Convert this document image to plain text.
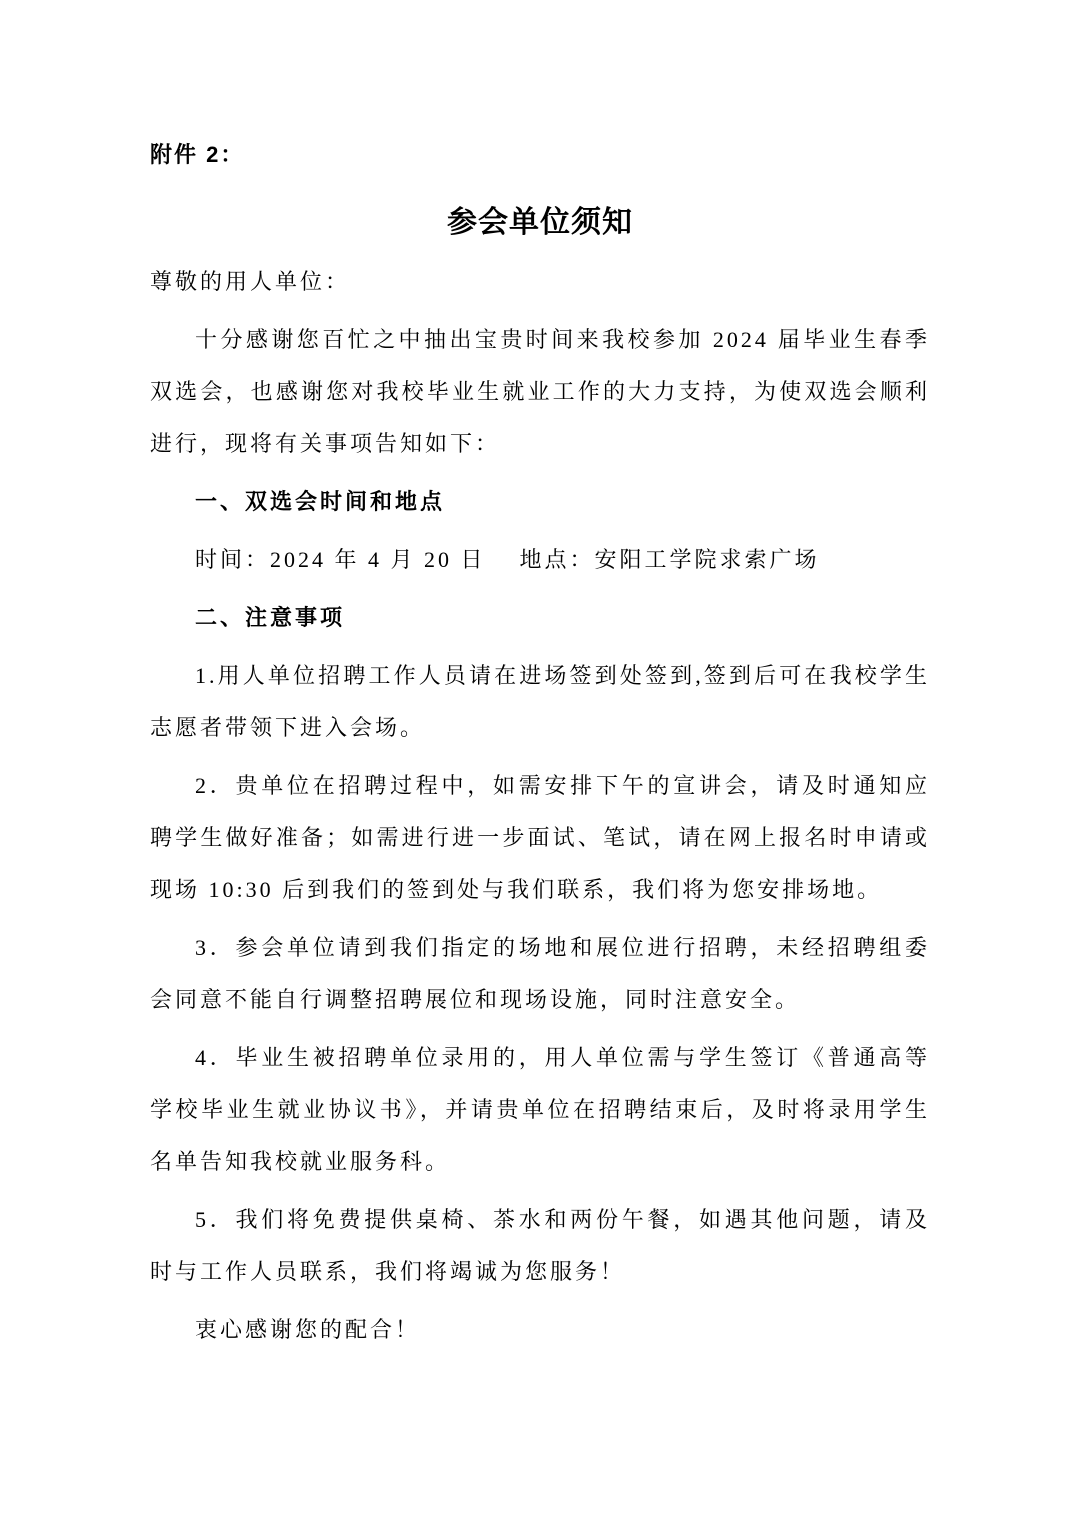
附件 2：
参会单位须知

尊敬的用人单位：

十分感谢您百忙之中抽出宝贵时间来我校参加 2024 届毕业生春季双选会，也感谢您对我校毕业生就业工作的大力支持，为使双选会顺利进行，现将有关事项告知如下：

一、双选会时间和地点

时间：2024 年 4 月 20 日    地点：安阳工学院求索广场

二、注意事项

1.用人单位招聘工作人员请在进场签到处签到,签到后可在我校学生志愿者带领下进入会场。

2．贵单位在招聘过程中，如需安排下午的宣讲会，请及时通知应聘学生做好准备；如需进行进一步面试、笔试，请在网上报名时申请或现场 10:30 后到我们的签到处与我们联系，我们将为您安排场地。

3．参会单位请到我们指定的场地和展位进行招聘，未经招聘组委会同意不能自行调整招聘展位和现场设施，同时注意安全。

4．毕业生被招聘单位录用的，用人单位需与学生签订《普通高等学校毕业生就业协议书》，并请贵单位在招聘结束后，及时将录用学生名单告知我校就业服务科。

5．我们将免费提供桌椅、茶水和两份午餐，如遇其他问题，请及时与工作人员联系，我们将竭诚为您服务！

衷心感谢您的配合！
